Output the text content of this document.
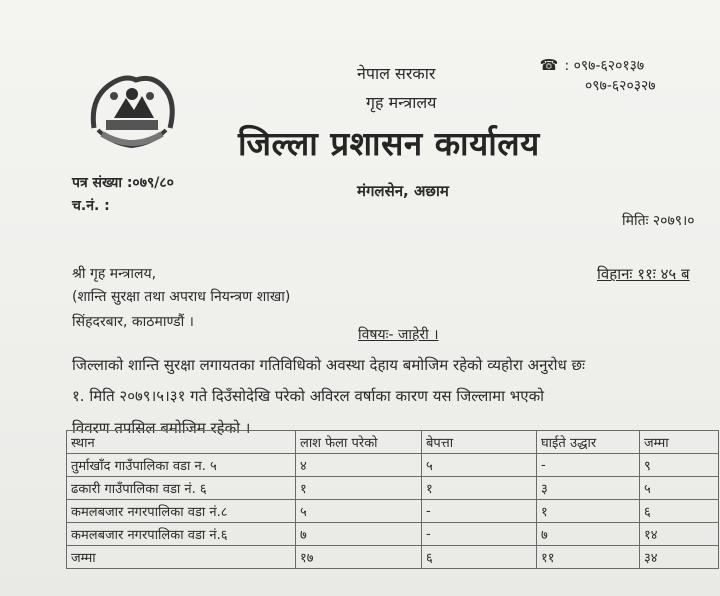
नेपाल सरकार
गृह मन्त्रालय
जिल्ला प्रशासन कार्यालय
☎ : ०९७-६२०१३७
०९७-६२०३२७
पत्र संख्या :०७९/८०
च.नं. :
मंगलसेन, अछाम
मितिः २०७९।०
श्री गृह मन्त्रालय,
(शान्ति सुरक्षा तथा अपराध नियन्त्रण शाखा)
सिंहदरबार, काठमाण्डौं ।
विहानः ११ः ४५ ब
विषयः- जाहेरी ।
जिल्लाको शान्ति सुरक्षा लगायतका गतिविधिको अवस्था देहाय बमोजिम रहेको व्यहोरा अनुरोध छः
१. मिति २०७९।५।३१ गते दिउँसोदेखि परेको अविरल वर्षाका कारण यस जिल्लामा भएको
विवरण तपसिल बमोजिम रहेको ।
स्थान	लाश फेला परेको	बेपत्ता	घाईते उद्धार	जम्मा
तुर्माखाँद गाउँपालिका वडा न. ५	४	५	-	९
ढकारी गाउँपालिका वडा नं. ६	१	१	३	५
कमलबजार नगरपालिका वडा नं.८	५	-	१	६
कमलबजार नगरपालिका वडा नं.६	७	-	७	१४
जम्मा	१७	६	११	३४
